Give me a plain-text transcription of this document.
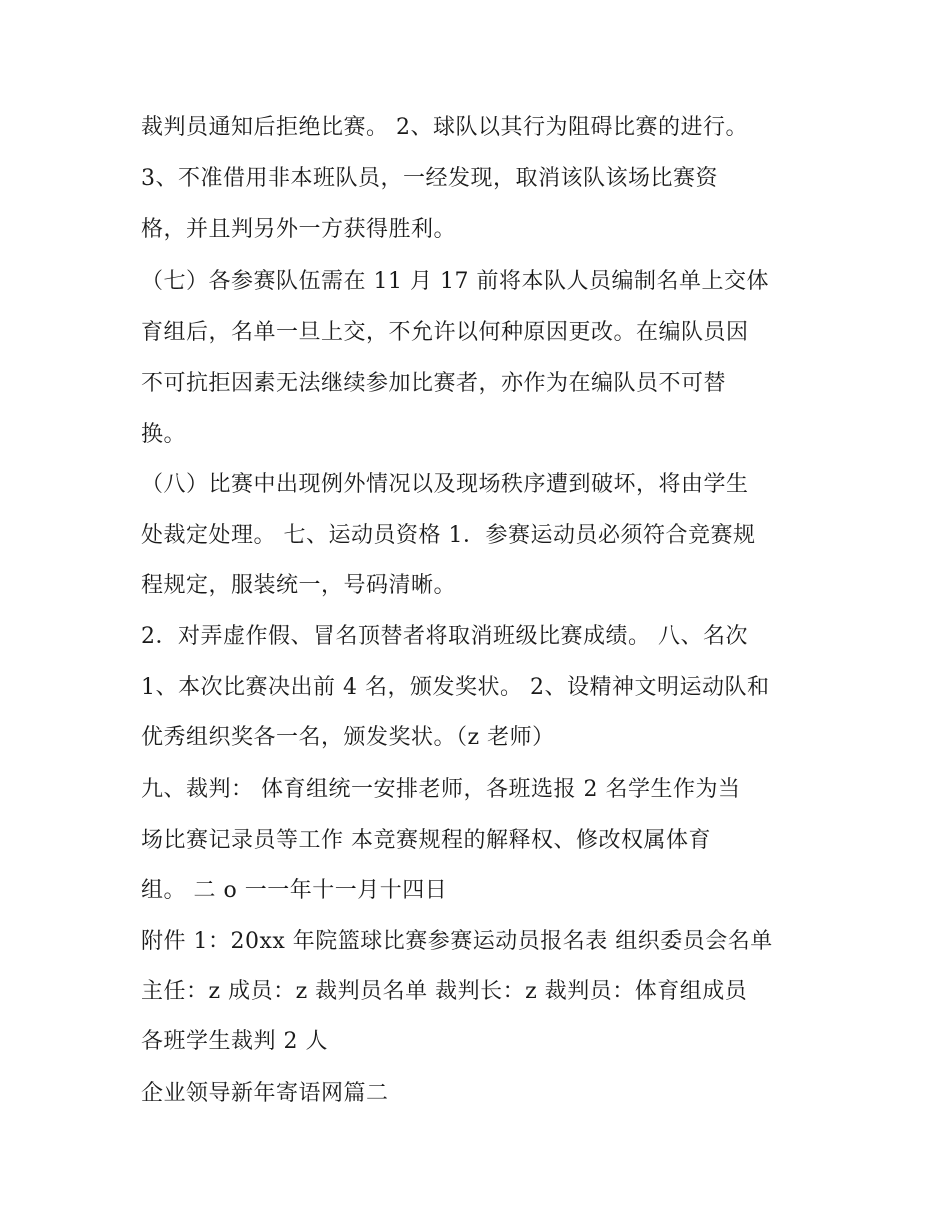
裁判员通知后拒绝比赛。 2、球队以其行为阻碍比赛的进行。
3、不准借用非本班队员，一经发现，取消该队该场比赛资
格，并且判另外一方获得胜利。
（七）各参赛队伍需在 11 月 17 前将本队人员编制名单上交体
育组后，名单一旦上交，不允许以何种原因更改。在编队员因
不可抗拒因素无法继续参加比赛者，亦作为在编队员不可替
换。
（八）比赛中出现例外情况以及现场秩序遭到破坏，将由学生
处裁定处理。 七、运动员资格 1．参赛运动员必须符合竞赛规
程规定，服装统一，号码清晰。
2．对弄虚作假、冒名顶替者将取消班级比赛成绩。 八、名次
1、本次比赛决出前 4 名，颁发奖状。 2、设精神文明运动队和
优秀组织奖各一名，颁发奖状。（z 老师）
九、裁判： 体育组统一安排老师，各班选报 2 名学生作为当
场比赛记录员等工作 本竞赛规程的解释权、修改权属体育
组。 二 o 一一年十一月十四日
附件 1：20xx 年院篮球比赛参赛运动员报名表 组织委员会名单
主任：z 成员：z 裁判员名单 裁判长：z 裁判员：体育组成员
各班学生裁判 2 人
企业领导新年寄语网篇二
